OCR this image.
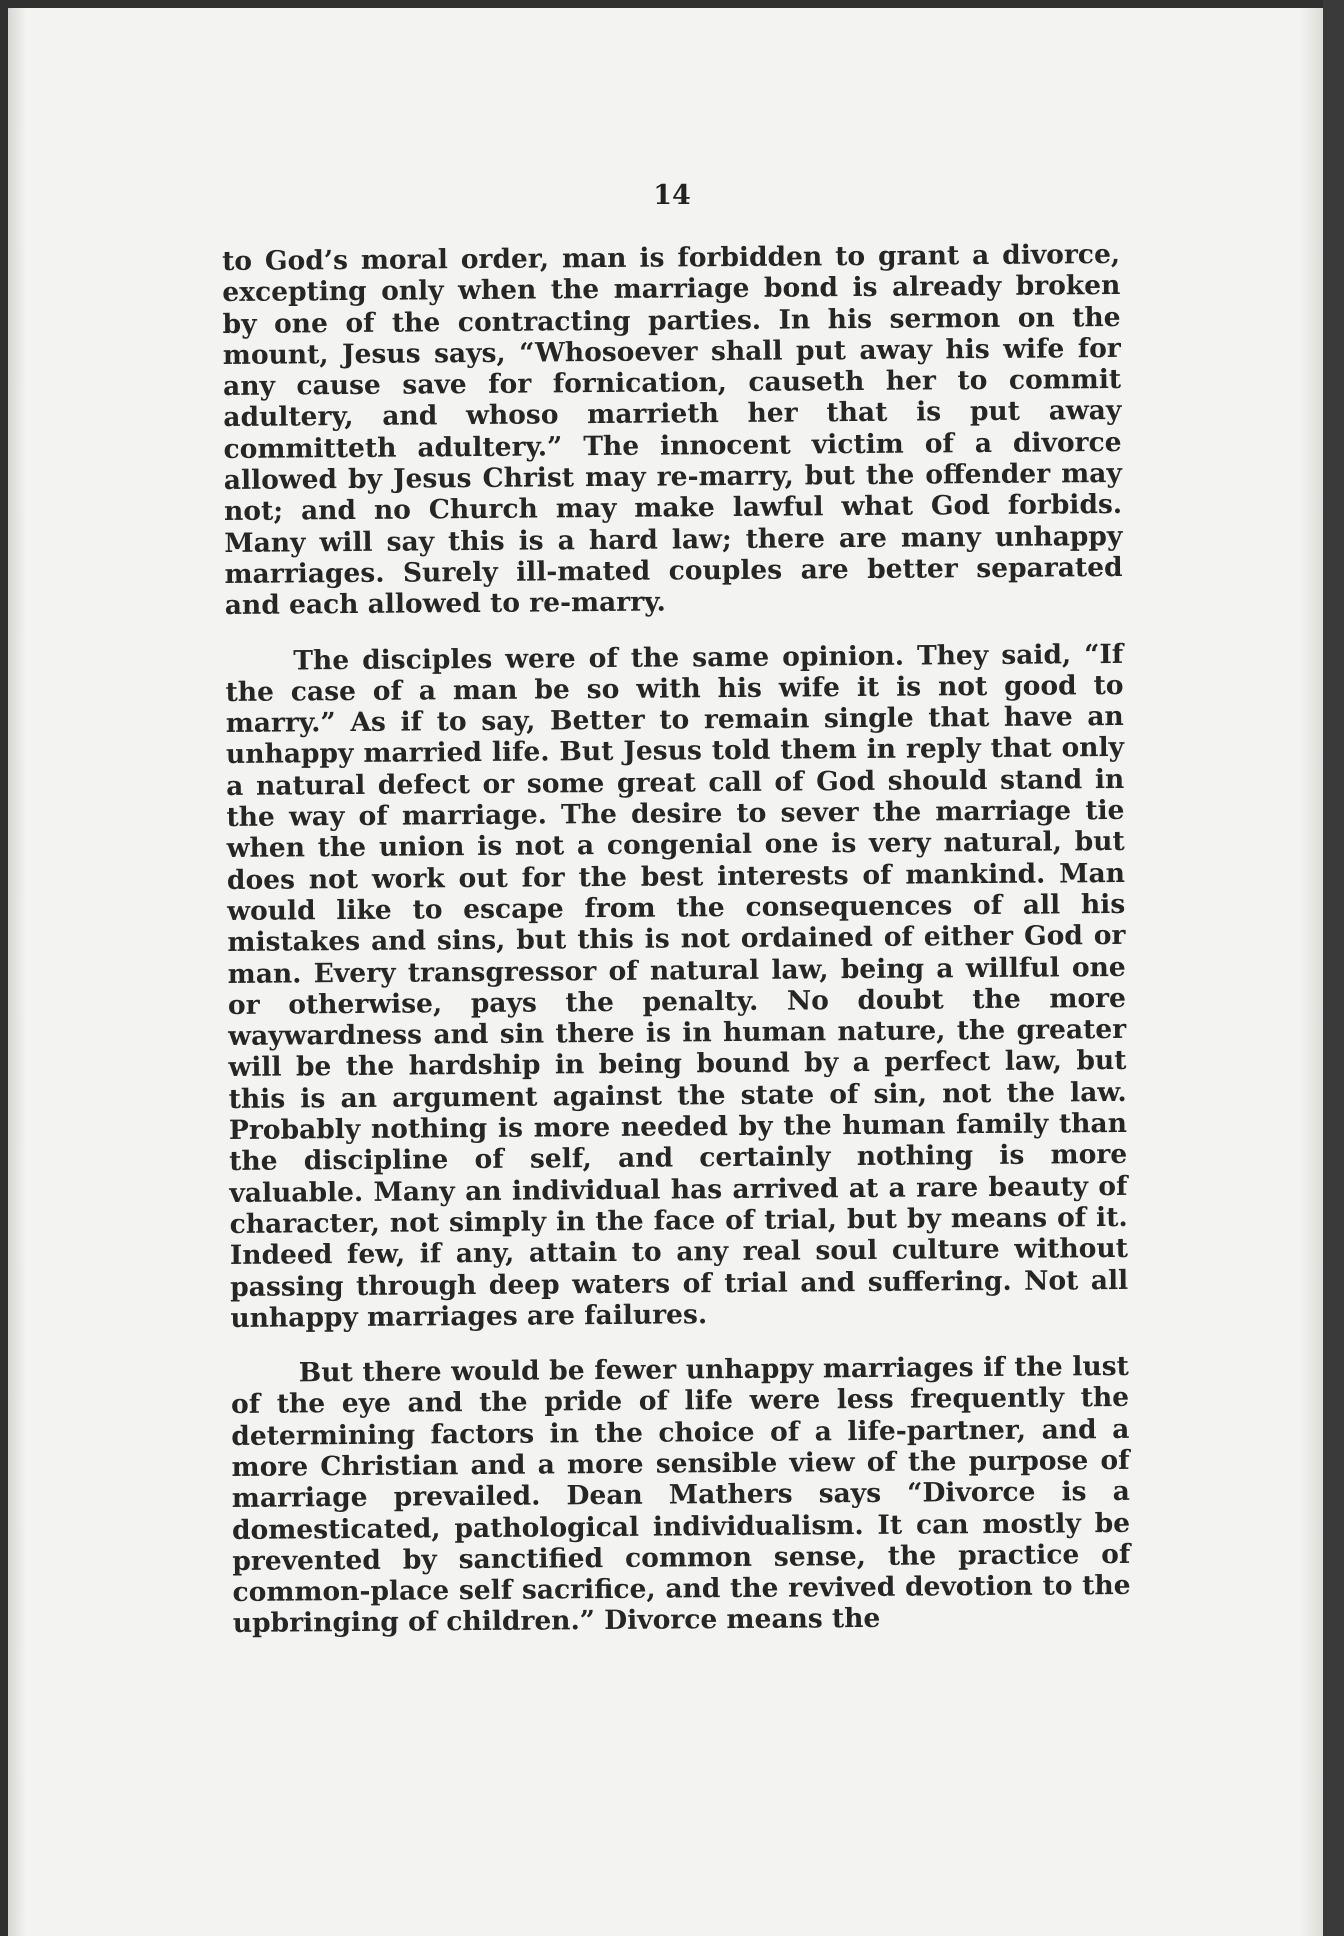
14

to God’s moral order, man is forbidden to grant a divorce, excepting only when the marriage bond is already broken by one of the contracting parties. In his sermon on the mount, Jesus says, “Whosoever shall put away his wife for any cause save for fornication, causeth her to commit adultery, and whoso marrieth her that is put away committeth adultery.” The innocent victim of a divorce allowed by Jesus Christ may re-marry, but the offender may not; and no Church may make lawful what God forbids. Many will say this is a hard law; there are many unhappy marriages. Surely ill-mated couples are better separated and each allowed to re-marry.

The disciples were of the same opinion. They said, “If the case of a man be so with his wife it is not good to marry.” As if to say, Better to remain single that have an unhappy married life. But Jesus told them in reply that only a natural defect or some great call of God should stand in the way of marriage. The desire to sever the marriage tie when the union is not a congenial one is very natural, but does not work out for the best interests of mankind. Man would like to escape from the consequences of all his mistakes and sins, but this is not ordained of either God or man. Every transgressor of natural law, being a willful one or otherwise, pays the penalty. No doubt the more waywardness and sin there is in human nature, the greater will be the hardship in being bound by a perfect law, but this is an argument against the state of sin, not the law. Probably nothing is more needed by the human family than the discipline of self, and certainly nothing is more valuable. Many an individual has arrived at a rare beauty of character, not simply in the face of trial, but by means of it. Indeed few, if any, attain to any real soul culture without passing through deep waters of trial and suffering. Not all unhappy marriages are failures.

But there would be fewer unhappy marriages if the lust of the eye and the pride of life were less frequently the determining factors in the choice of a life-partner, and a more Christian and a more sensible view of the purpose of marriage prevailed. Dean Mathers says “Divorce is a domesticated, pathological individualism. It can mostly be prevented by sanctified common sense, the practice of common-place self sacrifice, and the revived devotion to the upbringing of children.” Divorce means the
